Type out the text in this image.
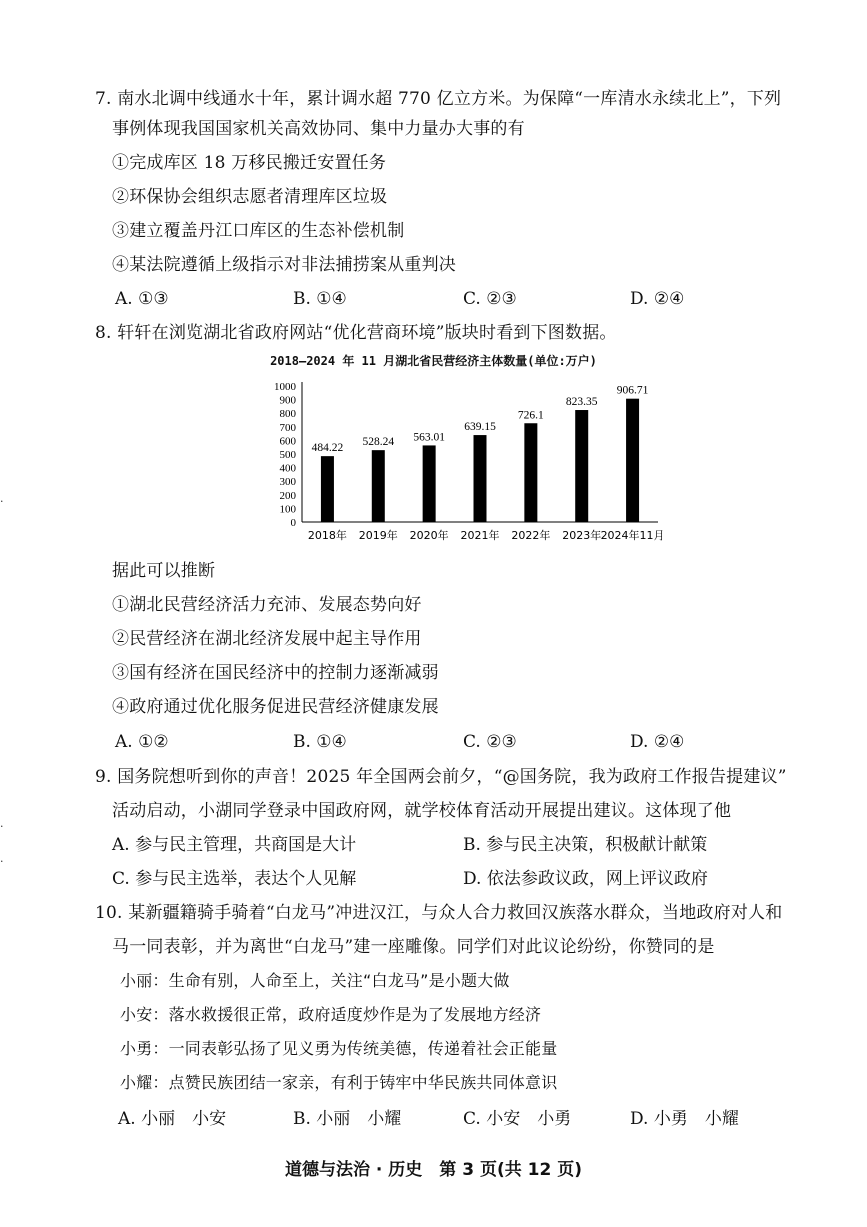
7. 南水北调中线通水十年，累计调水超 770 亿立方米。为保障“一库清水永续北上”，下列
事例体现我国国家机关高效协同、集中力量办大事的有
①完成库区 18 万移民搬迁安置任务
②环保协会组织志愿者清理库区垃圾
③建立覆盖丹江口库区的生态补偿机制
④某法院遵循上级指示对非法捕捞案从重判决
A. ①③	B. ①④	C. ②③	D. ②④
8. 轩轩在浏览湖北省政府网站“优化营商环境”版块时看到下图数据。
2018–2024 年 11 月湖北省民营经济主体数量(单位:万户)
0
100
200
300
400
500
600
700
800
900
1000
484.22
2018年
528.24
2019年
563.01
2020年
639.15
2021年
726.1
2022年
823.35
2023年
906.71
2024年11月
据此可以推断
①湖北民营经济活力充沛、发展态势向好
②民营经济在湖北经济发展中起主导作用
③国有经济在国民经济中的控制力逐渐减弱
④政府通过优化服务促进民营经济健康发展
A. ①②	B. ①④	C. ②③	D. ②④
9. 国务院想听到你的声音！2025 年全国两会前夕，“@国务院，我为政府工作报告提建议”
活动启动，小湖同学登录中国政府网，就学校体育活动开展提出建议。这体现了他
A. 参与民主管理，共商国是大计	B. 参与民主决策，积极献计献策
C. 参与民主选举，表达个人见解	D. 依法参政议政，网上评议政府
10. 某新疆籍骑手骑着“白龙马”冲进汉江，与众人合力救回汉族落水群众，当地政府对人和
马一同表彰，并为离世“白龙马”建一座雕像。同学们对此议论纷纷，你赞同的是
小丽：生命有别，人命至上，关注“白龙马”是小题大做
小安：落水救援很正常，政府适度炒作是为了发展地方经济
小勇：一同表彰弘扬了见义勇为传统美德，传递着社会正能量
小耀：点赞民族团结一家亲，有利于铸牢中华民族共同体意识
A. 小丽　小安	B. 小丽　小耀	C. 小安　小勇	D. 小勇　小耀
道德与法治 · 历史　第 3 页(共 12 页)
·
·
·
